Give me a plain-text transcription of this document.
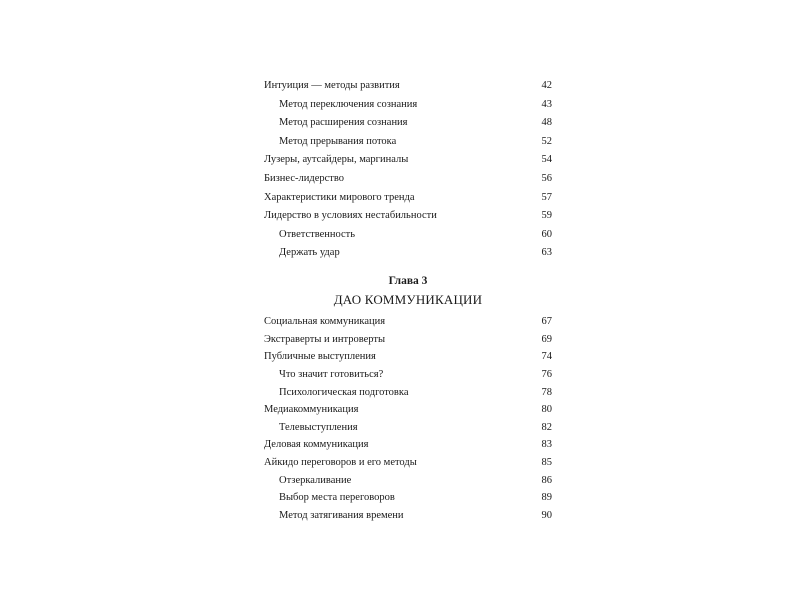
Интуиция — методы развития	42
Метод переключения сознания	43
Метод расширения сознания	48
Метод прерывания потока	52
Лузеры, аутсайдеры, маргиналы	54
Бизнес-лидерство	56
Характеристики мирового тренда	57
Лидерство в условиях нестабильности	59
Ответственность	60
Держать удар	63
Глава 3
ДАО КОММУНИКАЦИИ
Социальная коммуникация	67
Экстраверты и интроверты	69
Публичные выступления	74
Что значит готовиться?	76
Психологическая подготовка	78
Медиакоммуникация	80
Телевыступления	82
Деловая коммуникация	83
Айкидо переговоров и его методы	85
Отзеркаливание	86
Выбор места переговоров	89
Метод затягивания времени	90
